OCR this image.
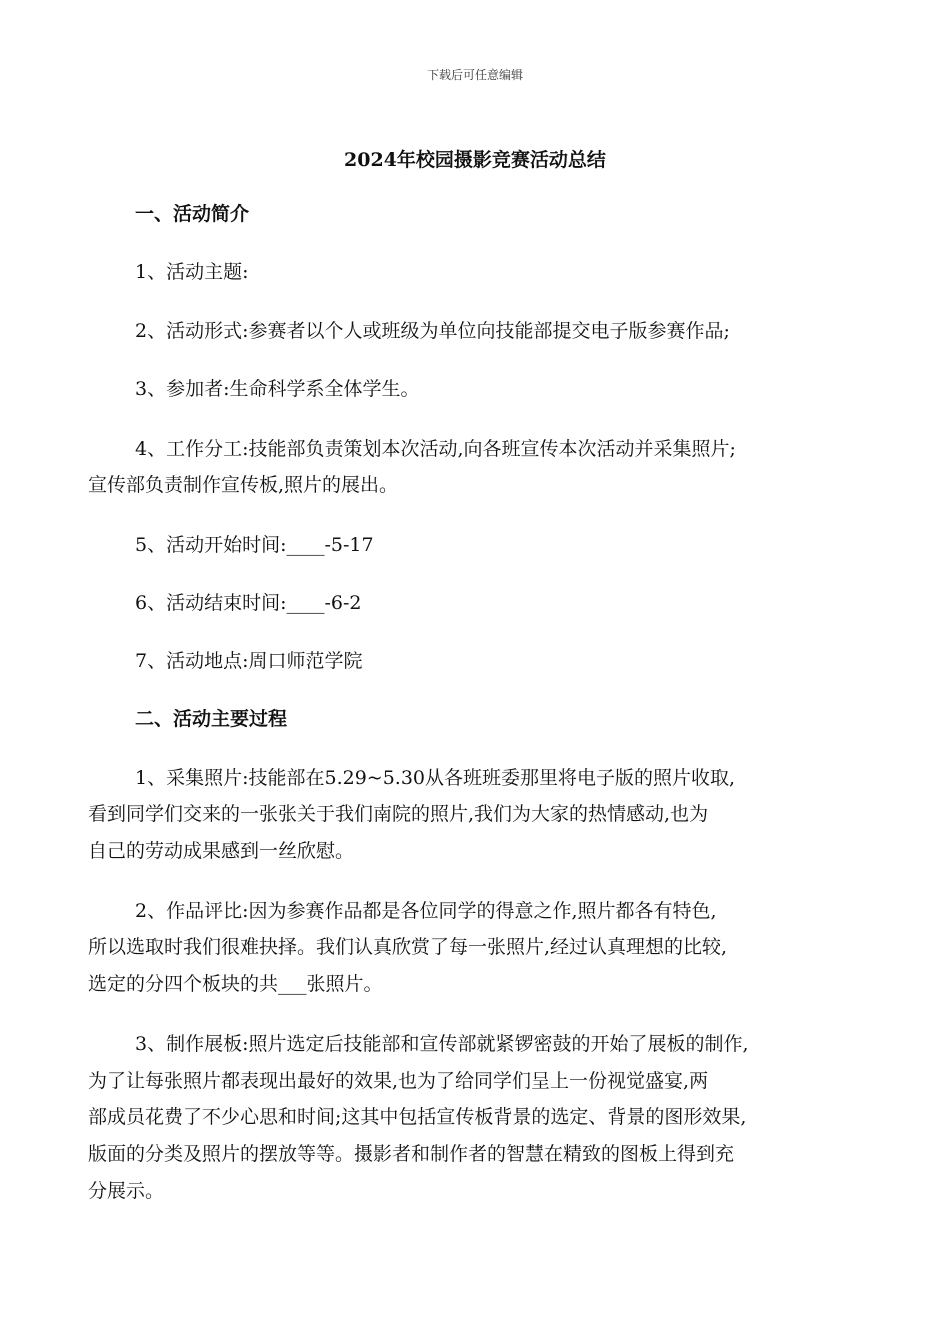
下载后可任意编辑
2024年校园摄影竞赛活动总结
一、活动简介
1、活动主题:
2、活动形式:参赛者以个人或班级为单位向技能部提交电子版参赛作品;
3、参加者:生命科学系全体学生。
4、工作分工:技能部负责策划本次活动,向各班宣传本次活动并采集照片;
宣传部负责制作宣传板,照片的展出。
5、活动开始时间:____-5-17
6、活动结束时间:____-6-2
7、活动地点:周口师范学院
二、活动主要过程
1、采集照片:技能部在5.29~5.30从各班班委那里将电子版的照片收取,
看到同学们交来的一张张关于我们南院的照片,我们为大家的热情感动,也为
自己的劳动成果感到一丝欣慰。
2、作品评比:因为参赛作品都是各位同学的得意之作,照片都各有特色,
所以选取时我们很难抉择。我们认真欣赏了每一张照片,经过认真理想的比较,
选定的分四个板块的共___张照片。
3、制作展板:照片选定后技能部和宣传部就紧锣密鼓的开始了展板的制作,
为了让每张照片都表现出最好的效果,也为了给同学们呈上一份视觉盛宴,两
部成员花费了不少心思和时间;这其中包括宣传板背景的选定、背景的图形效果,
版面的分类及照片的摆放等等。摄影者和制作者的智慧在精致的图板上得到充
分展示。
